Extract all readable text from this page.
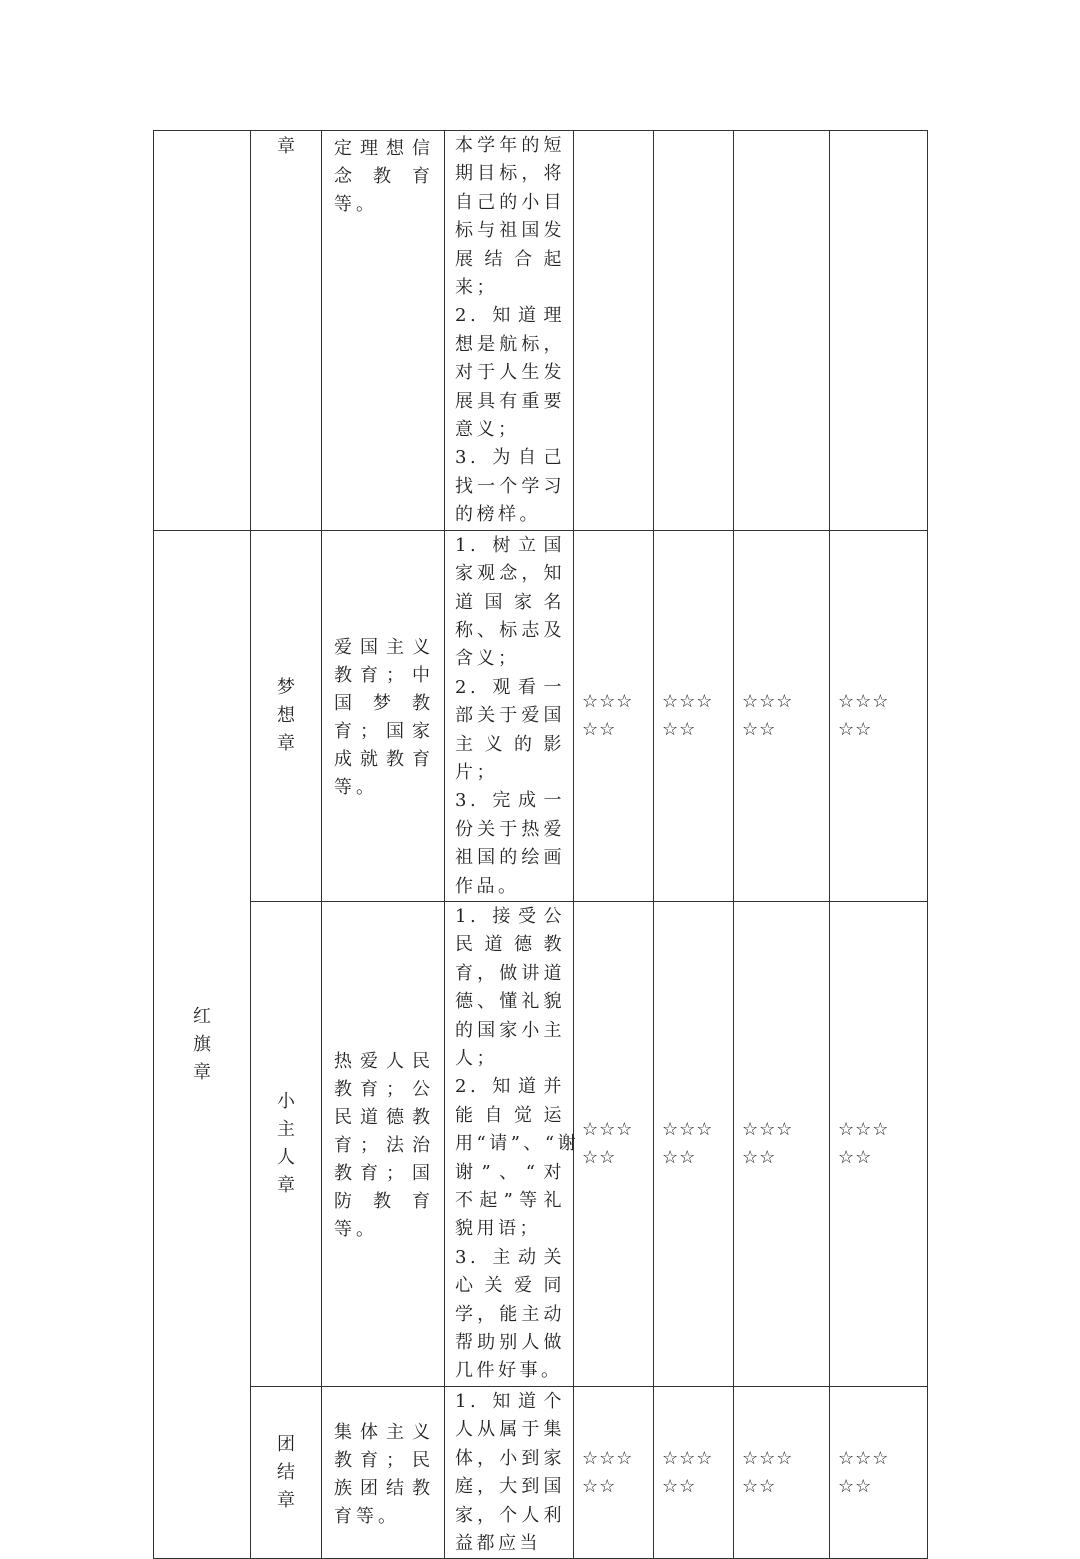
	章	定理想信念教育等。	本学年的短期目标，将自己的小目标与祖国发展结合起来；
2. 知道理想是航标，对于人生发展具有重要意义；
3. 为自己找一个学习的榜样。				

红旗章	梦想章	爱国主义教育；中国梦教育；国家成就教育等。	1. 树立国家观念，知道国家名称、标志及含义；
2. 观看一部关于爱国主义的影片；
3. 完成一份关于热爱祖国的绘画作品。	☆☆☆☆☆	☆☆☆☆☆	☆☆☆☆☆	☆☆☆☆☆

	小主人章	热爱人民教育；公民道德教育；法治教育；国防教育等。	1. 接受公民道德教育，做讲道德、懂礼貌的国家小主人；
2. 知道并能自觉运用“请”、“谢谢”、“对不起”等礼貌用语；
3. 主动关心关爱同学，能主动帮助别人做几件好事。	☆☆☆☆☆	☆☆☆☆☆	☆☆☆☆☆	☆☆☆☆☆

	团结章	集体主义教育；民族团结教育等。	1. 知道个人从属于集体，小到家庭，大到国家，个人利益都应当	☆☆☆☆☆	☆☆☆☆☆	☆☆☆☆☆	☆☆☆☆☆
